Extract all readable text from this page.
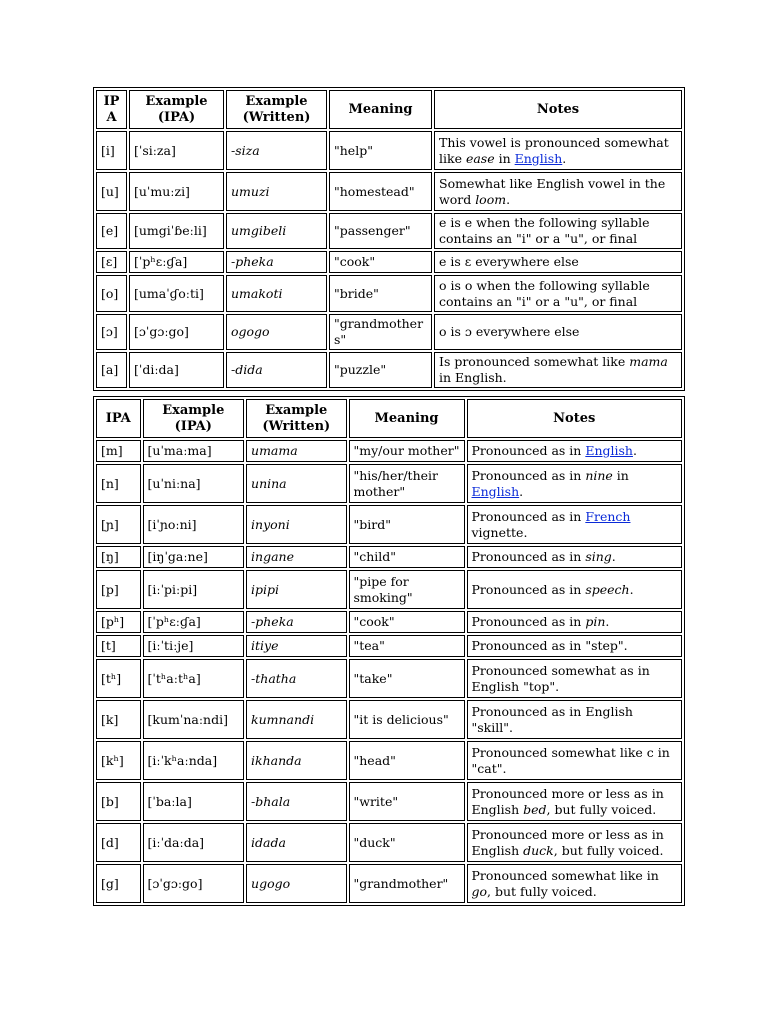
IPA	Example (IPA)	Example (Written)	Meaning	Notes
[i]	[ˈsiːza]	-siza	"help"	This vowel is pronounced somewhat like ease in English.
[u]	[uˈmuːzi]	umuzi	"homestead"	Somewhat like English vowel in the word loom.
[e]	[umgiˈɓeːli]	umgibeli	"passenger"	e is e when the following syllable contains an "i" or a "u", or final
[ɛ]	[ˈpʰɛːɠa]	-pheka	"cook"	e is ɛ everywhere else
[o]	[umaˈɠoːti]	umakoti	"bride"	o is o when the following syllable contains an "i" or a "u", or final
[ɔ]	[ɔˈgɔːgo]	ogogo	"grandmothers"	o is ɔ everywhere else
[a]	[ˈdiːda]	-dida	"puzzle"	Is pronounced somewhat like mama in English.
IPA	Example (IPA)	Example (Written)	Meaning	Notes
[m]	[uˈmaːma]	umama	"my/our mother"	Pronounced as in English.
[n]	[uˈniːna]	unina	"his/her/their mother"	Pronounced as in nine in English.
[ɲ]	[iˈɲoːni]	inyoni	"bird"	Pronounced as in French vignette.
[ŋ]	[iŋˈgaːne]	ingane	"child"	Pronounced as in sing.
[p]	[iːˈpiːpi]	ipipi	"pipe for smoking"	Pronounced as in speech.
[pʰ]	[ˈpʰɛːɠa]	-pheka	"cook"	Pronounced as in pin.
[t]	[iːˈtiːje]	itiye	"tea"	Pronounced as in "step".
[tʰ]	[ˈtʰaːtʰa]	-thatha	"take"	Pronounced somewhat as in English "top".
[k]	[kumˈnaːndi]	kumnandi	"it is delicious"	Pronounced as in English "skill".
[kʰ]	[iːˈkʰaːnda]	ikhanda	"head"	Pronounced somewhat like c in "cat".
[b]	[ˈbaːla]	-bhala	"write"	Pronounced more or less as in English bed, but fully voiced.
[d]	[iːˈdaːda]	idada	"duck"	Pronounced more or less as in English duck, but fully voiced.
[g]	[ɔˈgɔːgo]	ugogo	"grandmother"	Pronounced somewhat like in go, but fully voiced.
